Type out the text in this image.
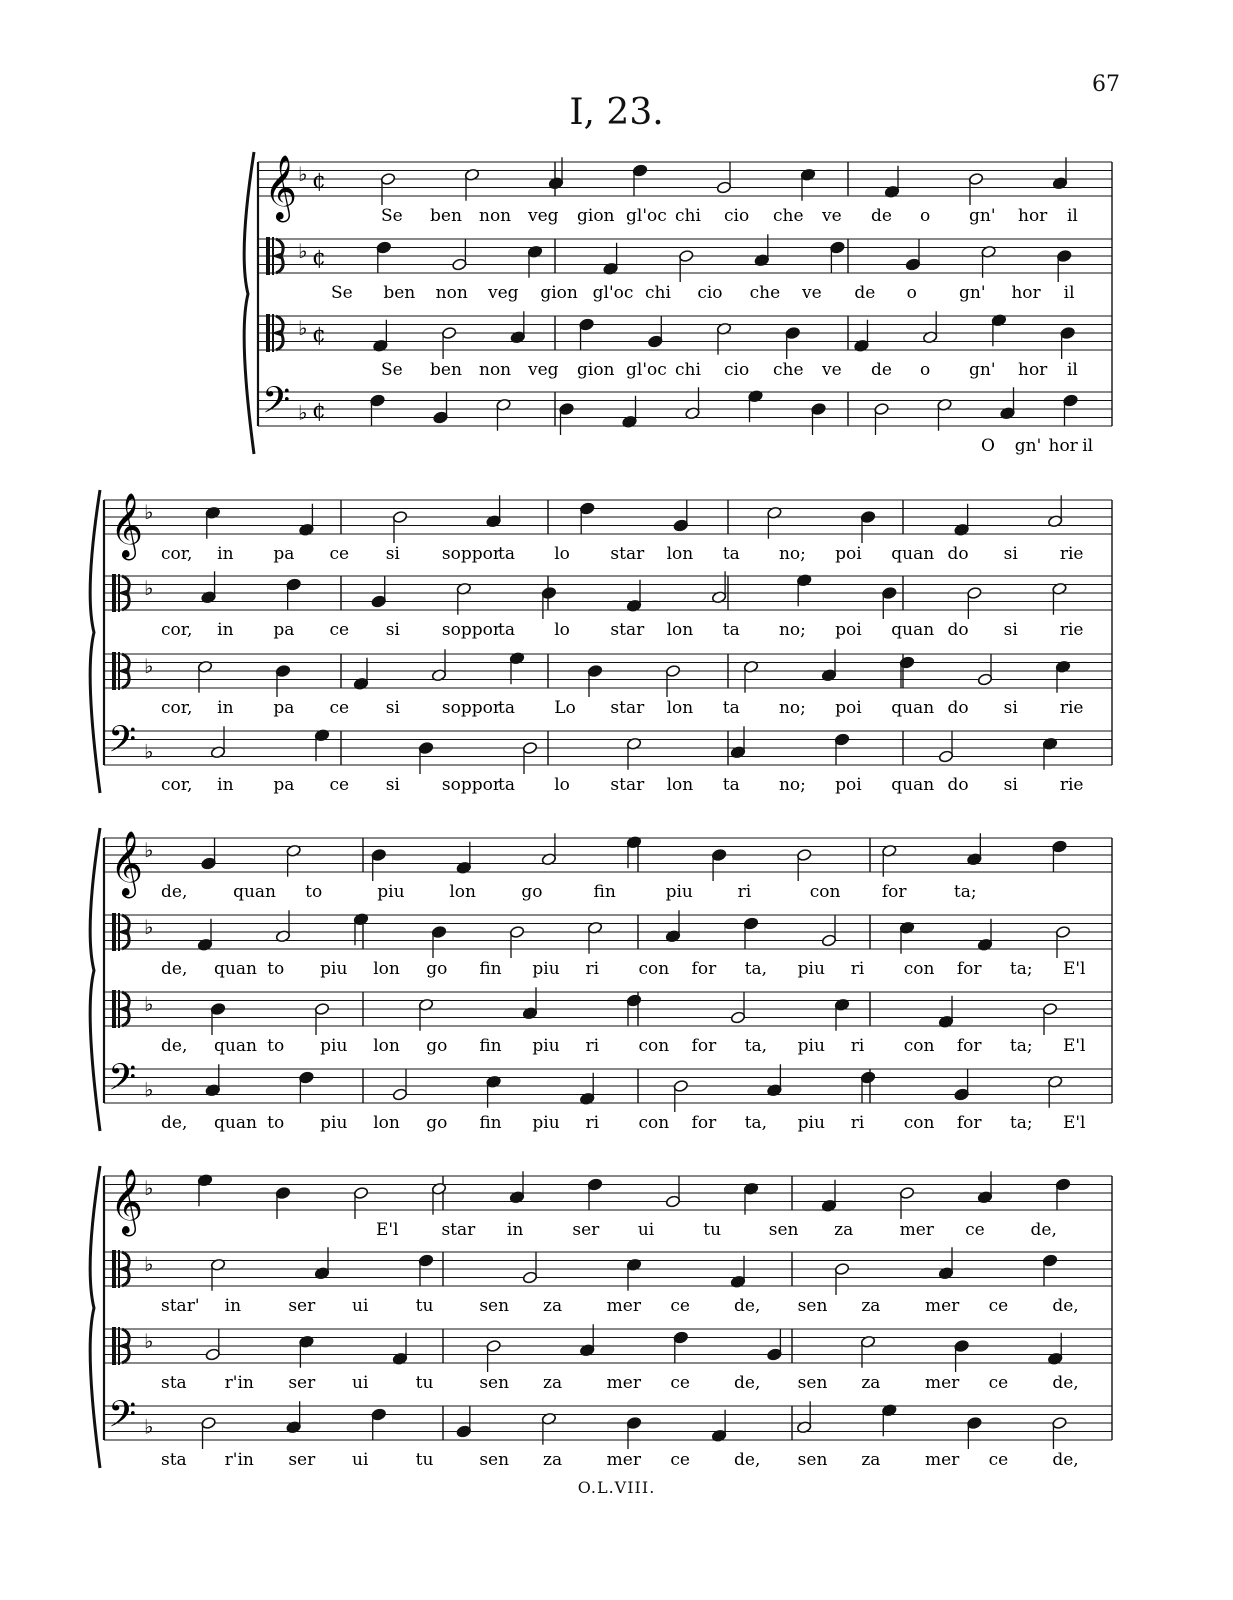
67
I, 23.
𝄞 ♭ ¢
♭ ¢
♭ ¢
𝄢 ♭ ¢
Se ben non veg gion gl'oc chi cio che ve de o gn' hor il
Se ben non veg gion gl'oc chi cio che ve de o gn' hor il
Se ben non veg gion gl'oc chi cio che ve de o gn' hor il
O gn' hor il
𝄞 ♭
♭
♭
𝄢 ♭
cor, in pa ce si soppor
ta lo star lon ta no; poi quan do si rie
cor, in pa ce si soppor
ta lo star lon ta no; poi quan do si rie
cor, in pa ce si soppor
ta Lo star lon ta no; poi quan do si rie
cor, in pa ce si soppor
ta lo star lon ta no; poi quan do si rie
𝄞 ♭
♭
♭
𝄢 ♭
de,	quan to	piu	lon	go	fin	piu	ri	con for	ta;
de, quan to piu lon go fin piu ri con for ta, piu ri con for ta; E'l
de, quan to piu lon go fin piu ri con for ta, piu ri con for ta; E'l
de, quan to piu lon go fin piu ri con for ta, piu ri con for ta; E'l
𝄞 ♭
♭
♭
𝄢 ♭
E'l	star in	ser ui	tu	sen za	mer ce	de,
star' in	ser ui	tu	sen za	mer ce	de, sen za	mer ce	de,
sta r'in ser ui	tu	sen za	mer ce	de, sen za	mer ce	de,
sta r'in ser ui	tu	sen za	mer ce	de, sen za	mer ce	de,
O.L.VIII.
